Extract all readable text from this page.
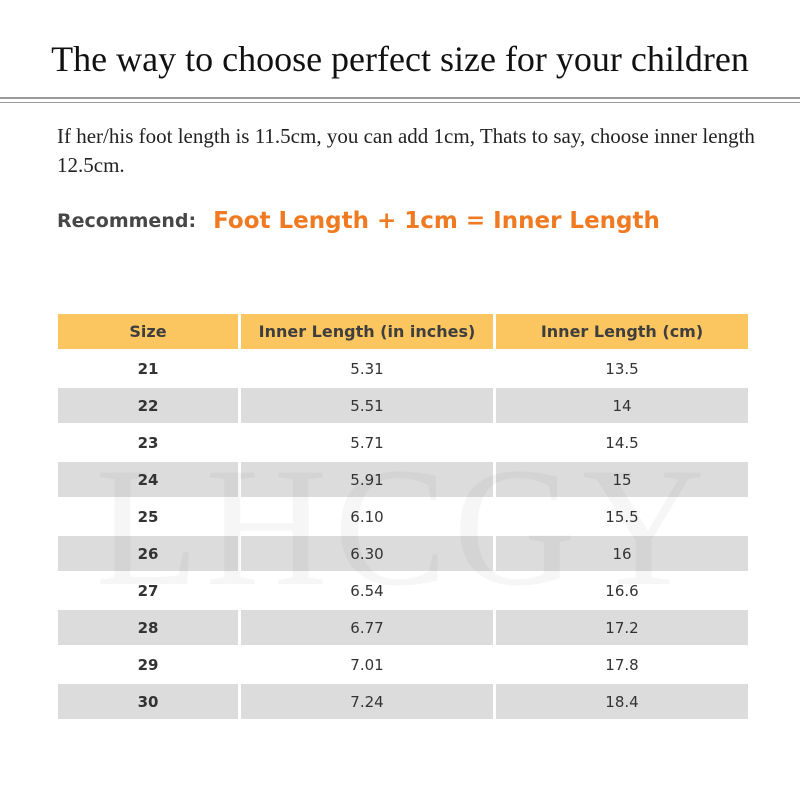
The way to choose perfect size for your children
If her/his foot length is 11.5cm, you can add 1cm, Thats to say, choose inner length 12.5cm.
Recommend: Foot Length + 1cm = Inner Length
Size	Inner Length (in inches)	Inner Length (cm)
21	5.31	13.5
22	5.51	14
23	5.71	14.5
24	5.91	15
25	6.10	15.5
26	6.30	16
27	6.54	16.6
28	6.77	17.2
29	7.01	17.8
30	7.24	18.4
